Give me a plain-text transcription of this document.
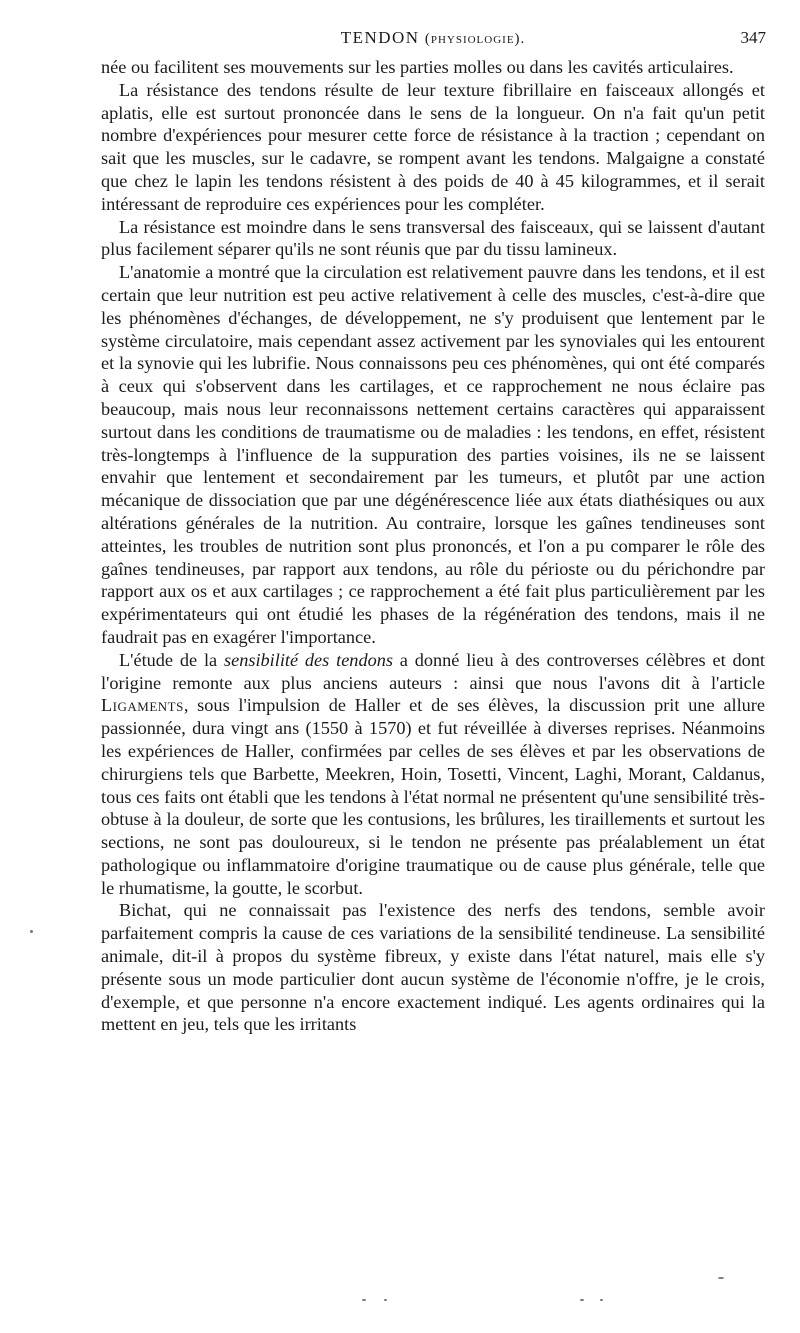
TENDON (physiologie).	347

née ou facilitent ses mouvements sur les parties molles ou dans les cavités articulaires.

La résistance des tendons résulte de leur texture fibrillaire en faisceaux allongés et aplatis, elle est surtout prononcée dans le sens de la longueur. On n'a fait qu'un petit nombre d'expériences pour mesurer cette force de résistance à la traction ; cependant on sait que les muscles, sur le cadavre, se rompent avant les tendons. Malgaigne a constaté que chez le lapin les tendons résistent à des poids de 40 à 45 kilogrammes, et il serait intéressant de reproduire ces expériences pour les compléter.

La résistance est moindre dans le sens transversal des faisceaux, qui se laissent d'autant plus facilement séparer qu'ils ne sont réunis que par du tissu lamineux.

L'anatomie a montré que la circulation est relativement pauvre dans les tendons, et il est certain que leur nutrition est peu active relativement à celle des muscles, c'est-à-dire que les phénomènes d'échanges, de développement, ne s'y produisent que lentement par le système circulatoire, mais cependant assez activement par les synoviales qui les entourent et la synovie qui les lubrifie. Nous connaissons peu ces phénomènes, qui ont été comparés à ceux qui s'observent dans les cartilages, et ce rapprochement ne nous éclaire pas beaucoup, mais nous leur reconnaissons nettement certains caractères qui apparaissent surtout dans les conditions de traumatisme ou de maladies : les tendons, en effet, résistent très-longtemps à l'influence de la suppuration des parties voisines, ils ne se laissent envahir que lentement et secondairement par les tumeurs, et plutôt par une action mécanique de dissociation que par une dégénérescence liée aux états diathésiques ou aux altérations générales de la nutrition. Au contraire, lorsque les gaînes tendineuses sont atteintes, les troubles de nutrition sont plus prononcés, et l'on a pu comparer le rôle des gaînes tendineuses, par rapport aux tendons, au rôle du périoste ou du périchondre par rapport aux os et aux cartilages ; ce rapprochement a été fait plus particulièrement par les expérimentateurs qui ont étudié les phases de la régénération des tendons, mais il ne faudrait pas en exagérer l'importance.

L'étude de la sensibilité des tendons a donné lieu à des controverses célèbres et dont l'origine remonte aux plus anciens auteurs : ainsi que nous l'avons dit à l'article Ligaments, sous l'impulsion de Haller et de ses élèves, la discussion prit une allure passionnée, dura vingt ans (1550 à 1570) et fut réveillée à diverses reprises. Néanmoins les expériences de Haller, confirmées par celles de ses élèves et par les observations de chirurgiens tels que Barbette, Meekren, Hoin, Tosetti, Vincent, Laghi, Morant, Caldanus, tous ces faits ont établi que les tendons à l'état normal ne présentent qu'une sensibilité très-obtuse à la douleur, de sorte que les contusions, les brûlures, les tiraillements et surtout les sections, ne sont pas douloureux, si le tendon ne présente pas préalablement un état pathologique ou inflammatoire d'origine traumatique ou de cause plus générale, telle que le rhumatisme, la goutte, le scorbut.

Bichat, qui ne connaissait pas l'existence des nerfs des tendons, semble avoir parfaitement compris la cause de ces variations de la sensibilité tendineuse. La sensibilité animale, dit-il à propos du système fibreux, y existe dans l'état naturel, mais elle s'y présente sous un mode particulier dont aucun système de l'économie n'offre, je le crois, d'exemple, et que personne n'a encore exactement indiqué. Les agents ordinaires qui la mettent en jeu, tels que les irritants
